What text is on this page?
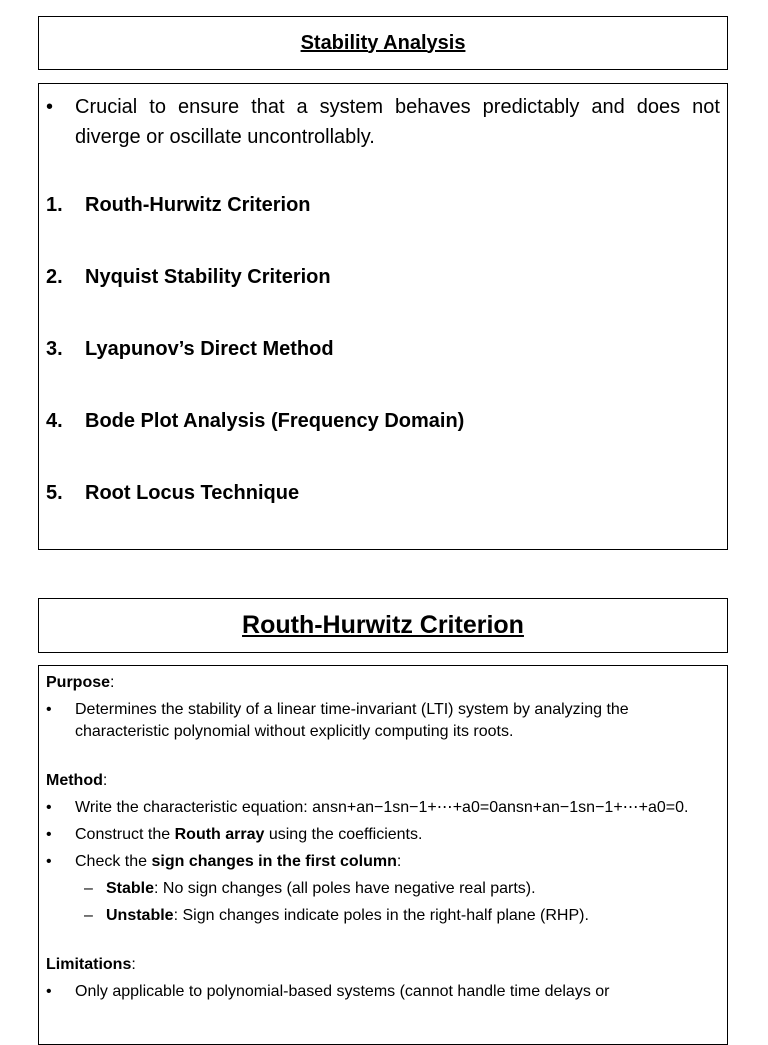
Stability Analysis
•	Crucial to ensure that a system behaves predictably and does not diverge or oscillate uncontrollably.
1.	Routh-Hurwitz Criterion
2.	Nyquist Stability Criterion
3.	Lyapunov’s Direct Method
4.	Bode Plot Analysis (Frequency Domain)
5.	Root Locus Technique
Routh-Hurwitz Criterion
Purpose:
•	Determines the stability of a linear time-invariant (LTI) system by analyzing the characteristic polynomial without explicitly computing its roots.
Method:
•	Write the characteristic equation: ansn+an−1sn−1+⋯+a0=0ansn+an−1sn−1+⋯+a0=0.
•	Construct the Routh array using the coefficients.
•	Check the sign changes in the first column:
– Stable: No sign changes (all poles have negative real parts).
– Unstable: Sign changes indicate poles in the right-half plane (RHP).
Limitations:
•	Only applicable to polynomial-based systems (cannot handle time delays or
